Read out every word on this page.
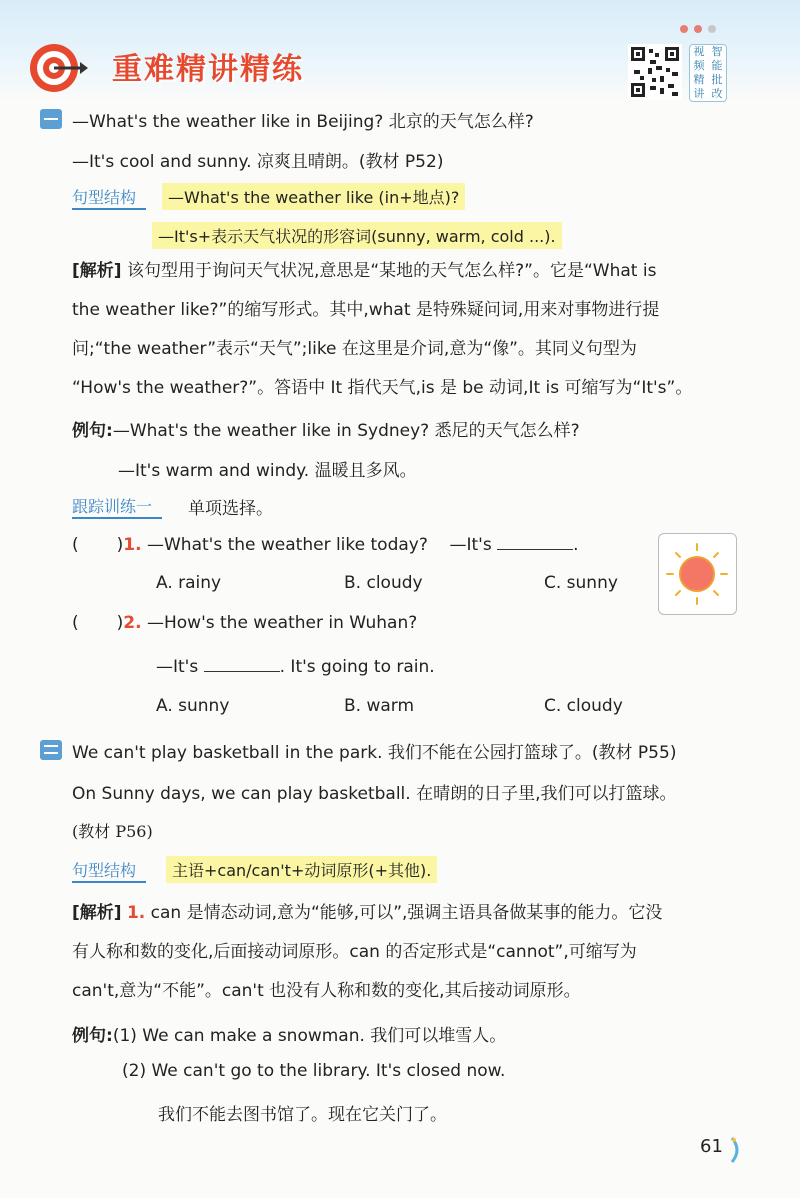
重难精讲精练
视 智
频 能
精 批
讲 改
—What's the weather like in Beijing? 北京的天气怎么样?
—It's cool and sunny. 凉爽且晴朗。(教材 P52)
句型结构	—What's the weather like (in+地点)?
—It's+表示天气状况的形容词(sunny, warm, cold ...).
[解析] 该句型用于询问天气状况,意思是“某地的天气怎么样?”。它是“What is
the weather like?”的缩写形式。其中,what 是特殊疑问词,用来对事物进行提
问;“the weather”表示“天气”;like 在这里是介词,意为“像”。其同义句型为
“How's the weather?”。答语中 It 指代天气,is 是 be 动词,It is 可缩写为“It's”。
例句:—What's the weather like in Sydney? 悉尼的天气怎么样?
—It's warm and windy. 温暖且多风。
跟踪训练一	单项选择。
( )1. —What's the weather like today? —It's	.
A. rainy	B. cloudy	C. sunny
( )2. —How's the weather in Wuhan?
—It's	. It's going to rain.
A. sunny	B. warm	C. cloudy
We can't play basketball in the park. 我们不能在公园打篮球了。(教材 P55)
On Sunny days, we can play basketball. 在晴朗的日子里,我们可以打篮球。
(教材 P56)
句型结构	主语+can/can't+动词原形(+其他).
[解析] 1. can 是情态动词,意为“能够,可以”,强调主语具备做某事的能力。它没
有人称和数的变化,后面接动词原形。can 的否定形式是“cannot”,可缩写为
can't,意为“不能”。can't 也没有人称和数的变化,其后接动词原形。
例句:(1) We can make a snowman. 我们可以堆雪人。
(2) We can't go to the library. It's closed now.
我们不能去图书馆了。现在它关门了。
61
